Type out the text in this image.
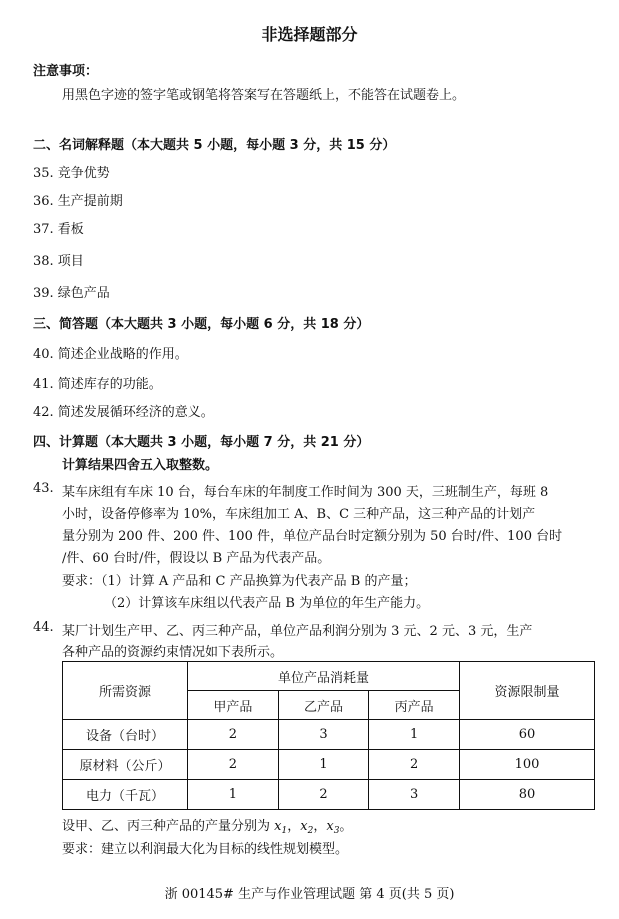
非选择题部分
注意事项：
用黑色字迹的签字笔或钢笔将答案写在答题纸上，不能答在试题卷上。
二、名词解释题（本大题共 5 小题，每小题 3 分，共 15 分）
35. 竞争优势
36. 生产提前期
37. 看板
38. 项目
39. 绿色产品
三、简答题（本大题共 3 小题，每小题 6 分，共 18 分）
40. 简述企业战略的作用。
41. 简述库存的功能。
42. 简述发展循环经济的意义。
四、计算题（本大题共 3 小题，每小题 7 分，共 21 分）
计算结果四舍五入取整数。
43. 某车床组有车床 10 台，每台车床的年制度工作时间为 300 天，三班制生产，每班 8
小时，设备停修率为 10%，车床组加工 A、B、C 三种产品，这三种产品的计划产
量分别为 200 件、200 件、100 件，单位产品台时定额分别为 50 台时/件、100 台时
/件、60 台时/件，假设以 B 产品为代表产品。
要求：（1）计算 A 产品和 C 产品换算为代表产品 B 的产量；
（2）计算该车床组以代表产品 B 为单位的年生产能力。
44. 某厂计划生产甲、乙、丙三种产品，单位产品利润分别为 3 元、2 元、3 元，生产
各种产品的资源约束情况如下表所示。
所需资源	单位产品消耗量			资源限制量
	甲产品	乙产品	丙产品	
设备（台时）	2	3	1	60
原材料（公斤）	2	1	2	100
电力（千瓦）	1	2	3	80
设甲、乙、丙三种产品的产量分别为 $x_1$，$x_2$，$x_3$。
要求：建立以利润最大化为目标的线性规划模型。
浙 00145# 生产与作业管理试题 第 4 页(共 5 页)
